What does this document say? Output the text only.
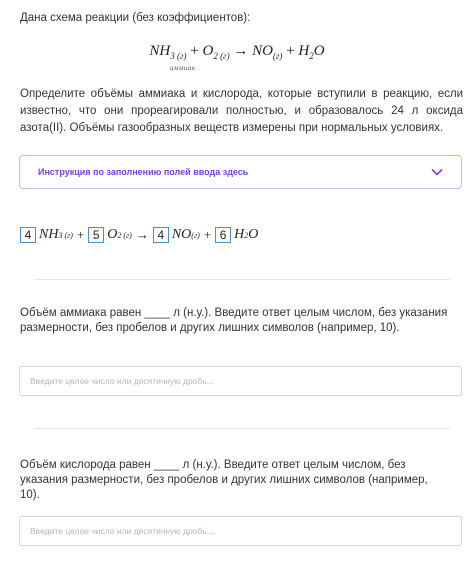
Дана схема реакции (без коэффициентов):
$NH_{3 (г)} + O_{2 (г)} \to NO_{(г)} + H_2O$
аммиак
Определите объёмы аммиака и кислорода, которые вступили в реакцию, если известно, что они прореагировали полностью, и образовалось 24 л оксида азота(II). Объёмы газообразных веществ измерены при нормальных условиях.
Инструкция по заполнению полей ввода здесь
4 NH 3 (г) + 5 O 2 (г) → 4 NO (г) + 6 H 2 O
Объём аммиака равен ____ л (н.у.). Введите ответ целым числом, без указания размерности, без пробелов и других лишних символов (например, 10).
Введите целое число или десятичную дробь...
Объём кислорода равен ____ л (н.у.). Введите ответ целым числом, без указания размерности, без пробелов и других лишних символов (например, 10).
Введите целое число или десятичную дробь...
